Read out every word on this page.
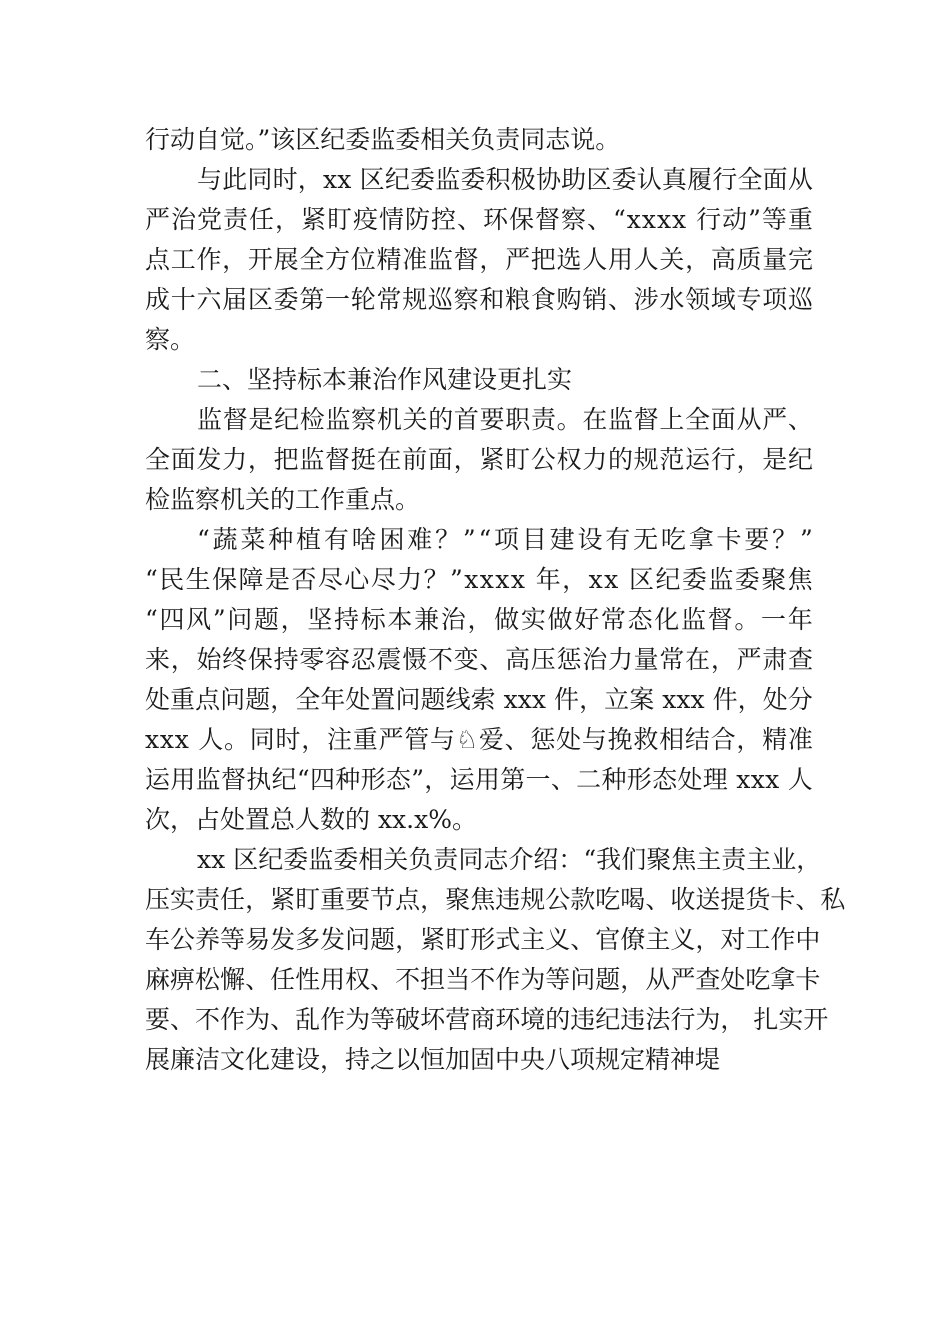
行动自觉。”该区纪委监委相关负责同志说。
与 此 同 时 ， x x
区 纪 委 监 委 积 极 协 助 区 委 认 真 履 行 全 面 从
严 治 党 责 任 ， 紧 盯 疫 情 防 控 、 环 保 督 察 、 “ x x x x
行 动 ” 等 重
点 工 作 ， 开 展 全 方 位 精 准 监 督 ， 严 把 选 人 用 人 关 ， 高 质 量 完
成 十 六 届 区 委 第 一 轮 常 规 巡 察 和 粮 食 购 销 、 涉 水 领 域 专 项 巡
察。
二、坚持标本兼治作风建设更扎实
监 督 是 纪 检 监 察 机 关 的 首 要 职 责 。 在 监 督 上 全 面 从 严 、
全 面 发 力 ， 把 监 督 挺 在 前 面 ， 紧 盯 公 权 力 的 规 范 运 行 ， 是 纪
检监察机关的工作重点。
“ 蔬 菜 种 植 有 啥 困 难 ？ ” “ 项 目 建 设 有 无 吃 拿 卡 要 ？ ”
“ 民 生 保 障 是 否 尽 心 尽 力 ？ ” x x x x
年 ， x x
区 纪 委 监 委 聚 焦
“ 四 风 ” 问 题 ， 坚 持 标 本 兼 治 ， 做 实 做 好 常 态 化 监 督 。 一 年
来 ， 始 终 保 持 零 容 忍 震 慑 不 变 、 高 压 惩 治 力 量 常 在 ， 严 肃 查
处 重 点 问 题 ， 全 年 处 置 问 题 线 索
x x x
件 ， 立 案
x x x
件 ， 处 分
x x x
人 。 同 时 ， 注 重 严 管 与 ♘ 爱 、 惩 处 与 挽 救 相 结 合 ， 精 准
运 用 监 督 执 纪 “ 四 种 形 态 ” ， 运 用 第 一 、 二 种 形 态 处 理
x x x
人
次，占处置总人数的 xx.x%。
x x
区 纪 委 监 委 相 关 负 责 同 志 介 绍 ： “ 我 们 聚 焦 主 责 主 业 ，
压 实 责 任 ， 紧 盯 重 要 节 点 ， 聚 焦 违 规 公 款 吃 喝 、 收 送 提 货 卡 、 私
车 公 养 等 易 发 多 发 问 题 ， 紧 盯 形 式 主 义 、 官 僚 主 义 ， 对 工 作 中
麻 痹 松 懈 、 任 性 用 权 、 不 担 当 不 作 为 等 问 题 ， 从 严 查 处 吃 拿 卡
要 、 不 作 为 、 乱 作 为 等 破 坏 营 商 环 境 的 违 纪 违 法 行 为 ，
扎 实 开
展廉洁文化建设，持之以恒加固中央八项规定精神堤
